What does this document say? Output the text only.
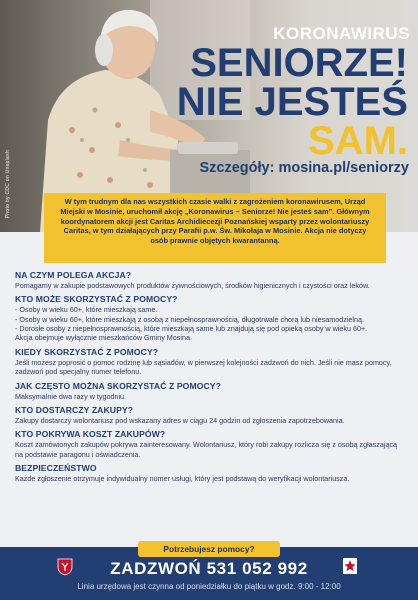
Photo by CDC on Unsplash
KORONAWIRUS
SENIORZE!
NIE JESTEŚ
SAM.
Szczegóły: mosina.pl/seniorzy

W tym trudnym dla nas wszystkich czasie walki z zagrożeniem koronawirusem, Urząd Miejski w Mosinie, uruchomił akcję „Koronawirus – Seniorze! Nie jesteś sam”. Głównym koordynatorem akcji jest Caritas Archidiecezji Poznańskiej wsparty przez wolontariuszy Caritas, w tym działających przy Parafii p.w. Św. Mikołaja w Mosinie. Akcja nie dotyczy osób prawnie objętych kwarantanną.

NA CZYM POLEGA AKCJA?

Pomagamy w zakupie podstawowych produktów żywnościowych, środków higienicznych i czystości oraz leków.

KTO MOŻE SKORZYSTAĆ Z POMOCY?
- Osoby w wieku 60+, które mieszkają same.
- Osoby w wieku 60+, które mieszkają z osobą z niepełnosprawnością, długotrwale chorą lub niesamodzielną.
- Dorosłe osoby z niepełnosprawnością, które mieszkają same lub znajdują się pod opieką osoby w wieku 60+.

Akcja obejmuje wyłącznie mieszkańców Gminy Mosina.

KIEDY SKORZYSTAĆ Z POMOCY?

Jeśli możesz poprosić o pomoc rodzinę lub sąsiadów, w pierwszej kolejności zadzwoń do nich. Jeśli nie masz pomocy, zadzwoń pod specjalny numer telefonu.

JAK CZĘSTO MOŻNA SKORZYSTAĆ Z POMOCY?

Maksymalnie dwa razy w tygodniu.

KTO DOSTARCZY ZAKUPY?

Zakupy dostarczy wolontariusz pod wskazany adres w ciągu 24 godzin od zgłoszenia zapotrzebowania.

KTO POKRYWA KOSZT ZAKUPÓW?

Koszt zamówionych zakupów pokrywa zainteresowany. Wolontariusz, który robi zakupy rozlicza się z osobą zgłaszającą na podstawie paragonu i oświadczenia.

BEZPIECZEŃSTWO

Każde zgłoszenie otrzymuje indywidualny numer usługi, który jest podstawą do weryfikacji wolontariusza.

Potrzebujesz pomocy?
ZADZWOŃ 531 052 992
Linia urzędowa jest czynna od poniedziałku do piątku w godz. 9:00 - 12:00
